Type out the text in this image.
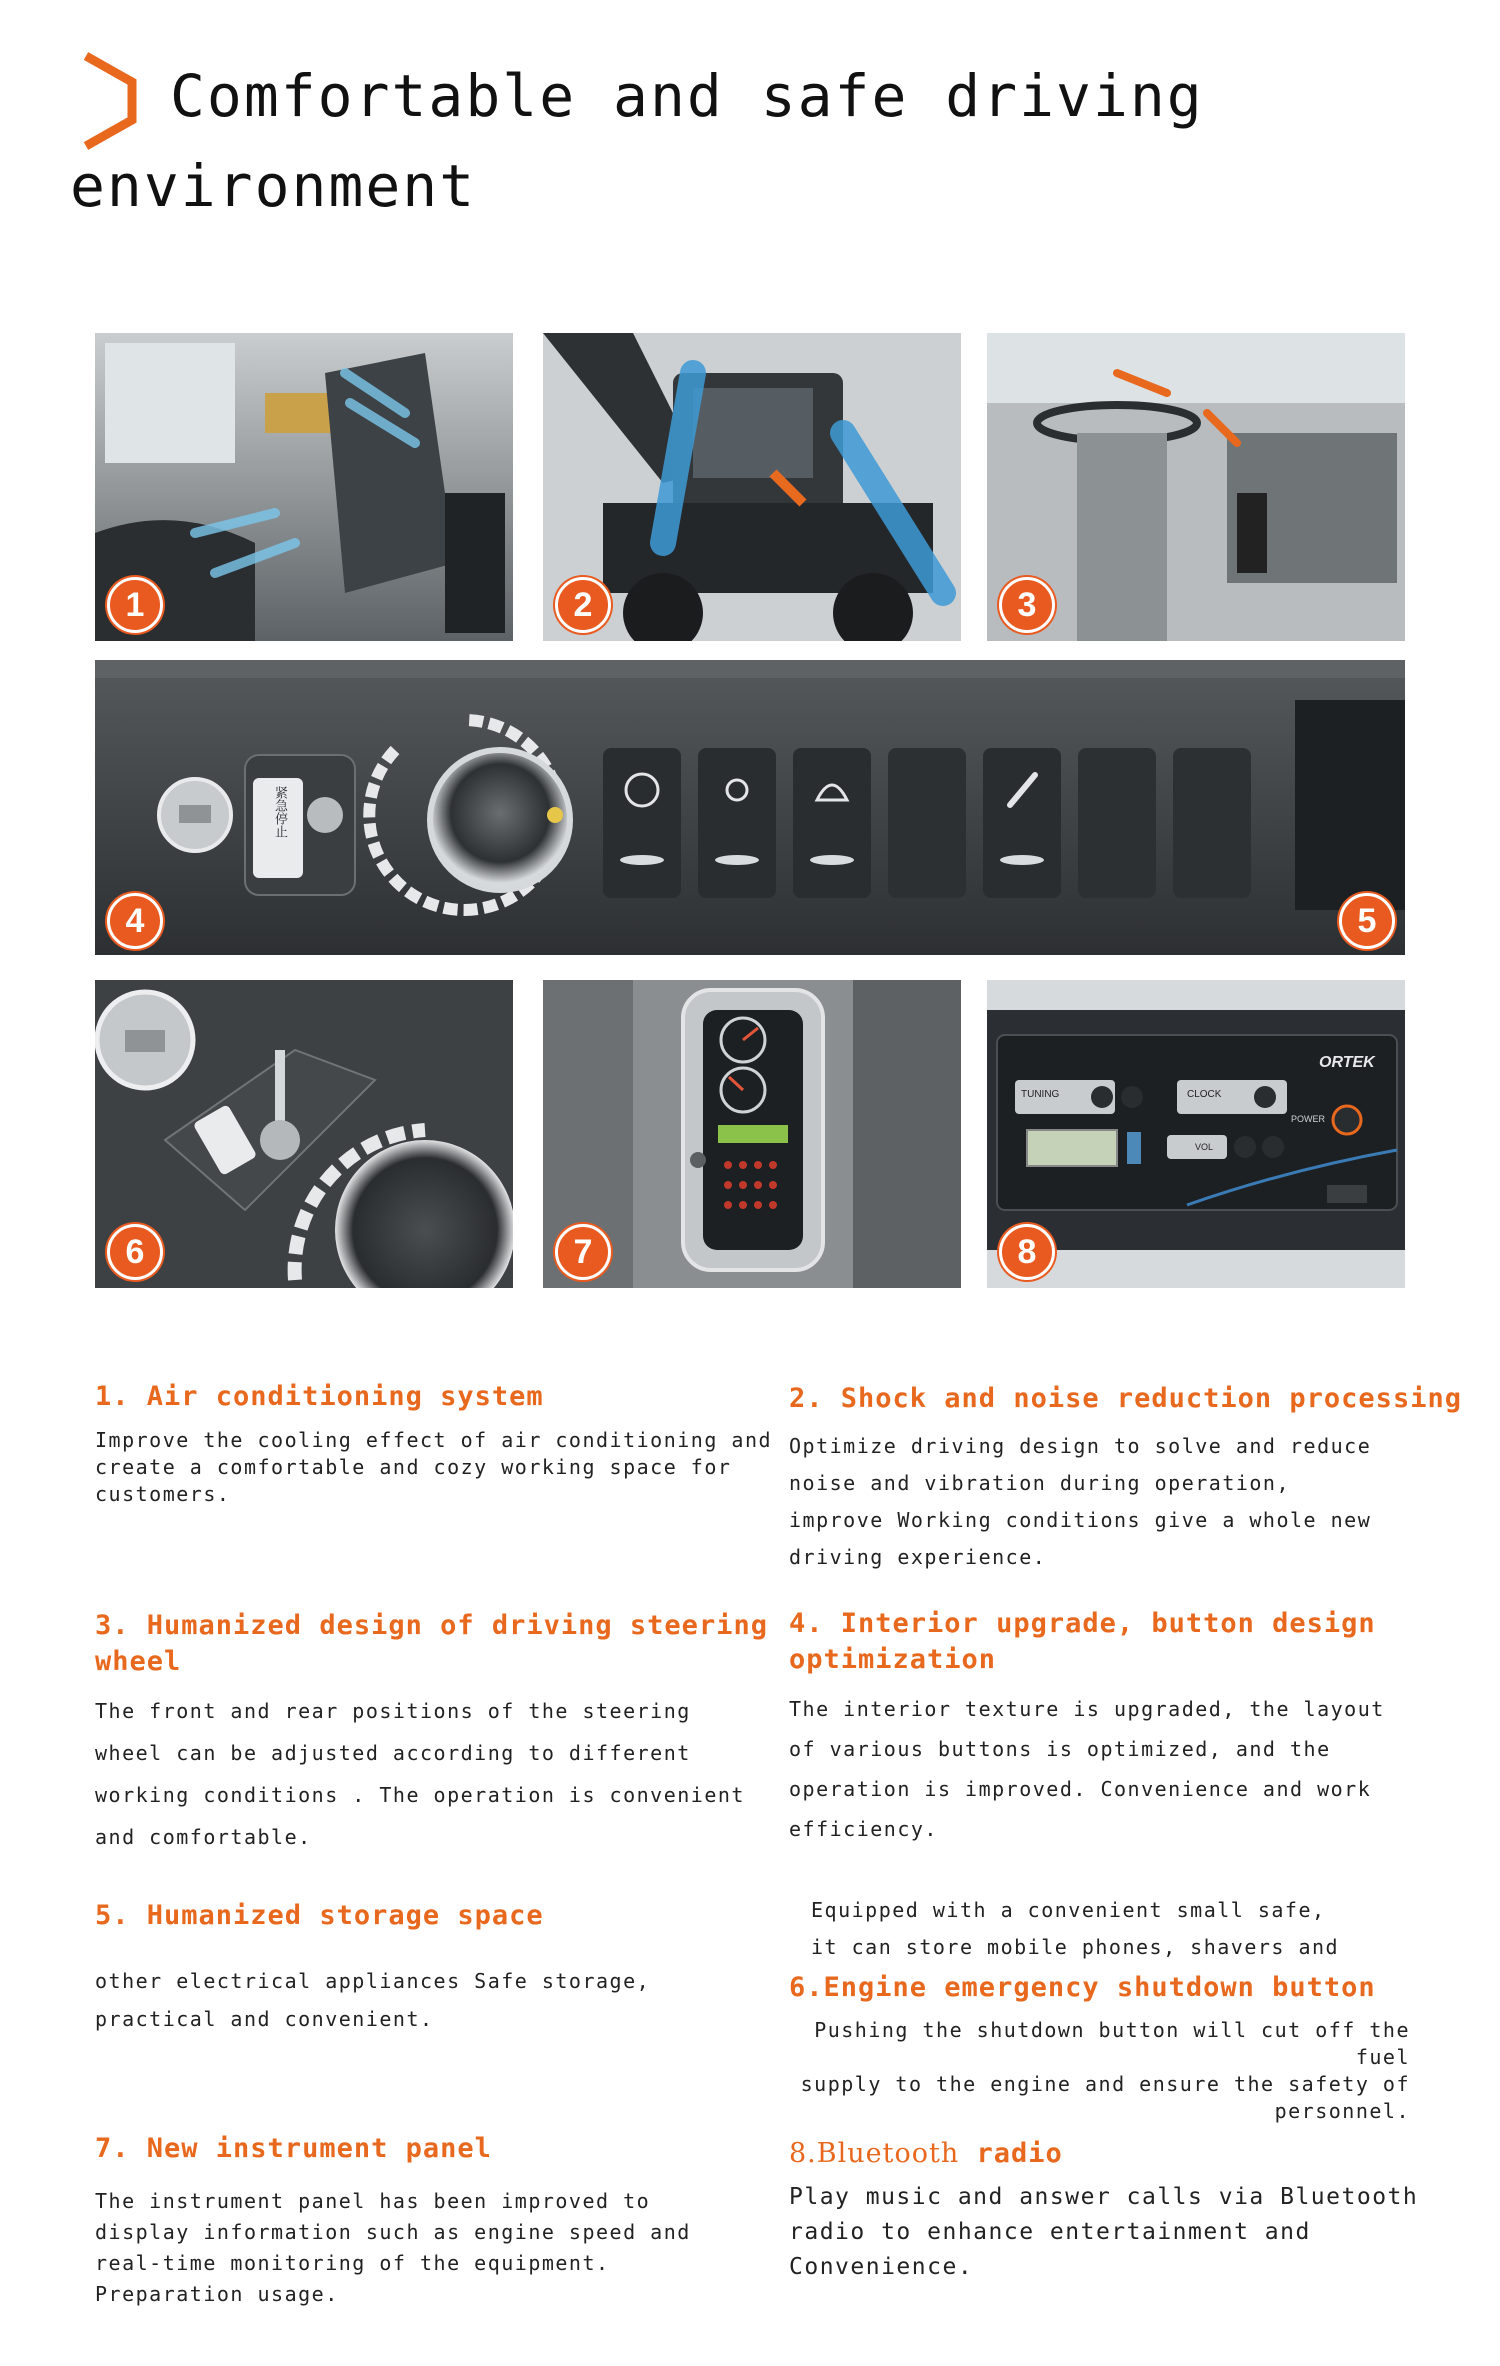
Comfortable and safe driving
environment
1	2	3
4	5
紧急停止
6	7
ORTEK
TUNING	CLOCK
POWER
VOL
8
1. Air conditioning system
Improve the cooling effect of air conditioning and
create a comfortable and cozy working space for
customers.
2. Shock and noise reduction processing
Optimize driving design to solve and reduce
noise and vibration during operation,
improve Working conditions give a whole new
driving experience.
3. Humanized design of driving steering
wheel
The front and rear positions of the steering
wheel can be adjusted according to different
working conditions . The operation is convenient
and comfortable.
4. Interior upgrade, button design
optimization
The interior texture is upgraded, the layout
of various buttons is optimized, and the
operation is improved. Convenience and work
efficiency.
5. Humanized storage space
other electrical appliances Safe storage,
practical and convenient.
Equipped with a convenient small safe,
it can store mobile phones, shavers and
6.Engine emergency shutdown button
Pushing the shutdown button will cut off the fuel
supply to the engine and ensure the safety of
personnel.
7. New instrument panel
The instrument panel has been improved to
display information such as engine speed and
real-time monitoring of the equipment.
Preparation usage.
8.Bluetooth radio
Play music and answer calls via Bluetooth
radio to enhance entertainment and
Convenience.
